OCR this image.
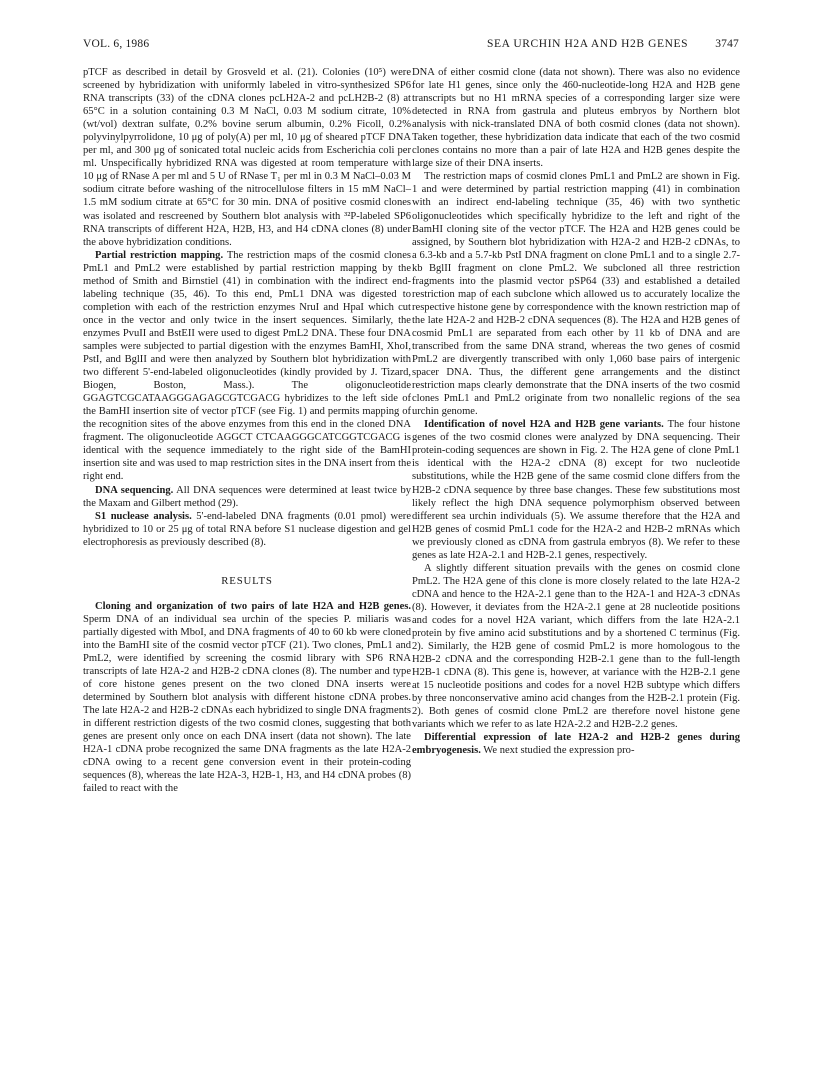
VOL. 6, 1986	SEA URCHIN H2A AND H2B GENES 3747

pTCF as described in detail by Grosveld et al. (21). Colonies (10⁵) were screened by hybridization with uniformly labeled in vitro-synthesized SP6 RNA transcripts (33) of the cDNA clones pcLH2A-2 and pcLH2B-2 (8) at 65°C in a solution containing 0.3 M NaCl, 0.03 M sodium citrate, 10% (wt/vol) dextran sulfate, 0.2% bovine serum albumin, 0.2% Ficoll, 0.2% polyvinylpyrrolidone, 10 μg of poly(A) per ml, 10 μg of sheared pTCF DNA per ml, and 300 μg of sonicated total nucleic acids from Escherichia coli per ml. Unspecifically hybridized RNA was digested at room temperature with 10 μg of RNase A per ml and 5 U of RNase T₁ per ml in 0.3 M NaCl–0.03 M sodium citrate before washing of the nitrocellulose filters in 15 mM NaCl–1.5 mM sodium citrate at 65°C for 30 min. DNA of positive cosmid clones was isolated and rescreened by Southern blot analysis with ³²P-labeled SP6 RNA transcripts of different H2A, H2B, H3, and H4 cDNA clones (8) under the above hybridization conditions.

Partial restriction mapping. The restriction maps of the cosmid clones PmL1 and PmL2 were established by partial restriction mapping by the method of Smith and Birnstiel (41) in combination with the indirect end-labeling technique (35, 46). To this end, PmL1 DNA was digested to completion with each of the restriction enzymes NruI and HpaI which cut once in the vector and only twice in the insert sequences. Similarly, the enzymes PvuII and BstEII were used to digest PmL2 DNA. These four DNA samples were subjected to partial digestion with the enzymes BamHI, XhoI, PstI, and BglII and were then analyzed by Southern blot hybridization with two different 5'-end-labeled oligonucleotides (kindly provided by J. Tizard, Biogen, Boston, Mass.). The oligonucleotide GGAGTCGCATAAGGGAGAGCGTCGACG hybridizes to the left side of the BamHI insertion site of vector pTCF (see Fig. 1) and permits mapping of the recognition sites of the above enzymes from this end in the cloned DNA fragment. The oligonucleotide AGGCT CTCAAGGGCATCGGTCGACG is identical with the sequence immediately to the right side of the BamHI insertion site and was used to map restriction sites in the DNA insert from the right end.

DNA sequencing. All DNA sequences were determined at least twice by the Maxam and Gilbert method (29).

S1 nuclease analysis. 5'-end-labeled DNA fragments (0.01 pmol) were hybridized to 10 or 25 μg of total RNA before S1 nuclease digestion and gel electrophoresis as previously described (8).

RESULTS

Cloning and organization of two pairs of late H2A and H2B genes. Sperm DNA of an individual sea urchin of the species P. miliaris was partially digested with MboI, and DNA fragments of 40 to 60 kb were cloned into the BamHI site of the cosmid vector pTCF (21). Two clones, PmL1 and PmL2, were identified by screening the cosmid library with SP6 RNA transcripts of late H2A-2 and H2B-2 cDNA clones (8). The number and type of core histone genes present on the two cloned DNA inserts were determined by Southern blot analysis with different histone cDNA probes. The late H2A-2 and H2B-2 cDNAs each hybridized to single DNA fragments in different restriction digests of the two cosmid clones, suggesting that both genes are present only once on each DNA insert (data not shown). The late H2A-1 cDNA probe recognized the same DNA fragments as the late H2A-2 cDNA owing to a recent gene conversion event in their protein-coding sequences (8), whereas the late H2A-3, H2B-1, H3, and H4 cDNA probes (8) failed to react with the

DNA of either cosmid clone (data not shown). There was also no evidence for late H1 genes, since only the 460-nucleotide-long H2A and H2B gene transcripts but no H1 mRNA species of a corresponding larger size were detected in RNA from gastrula and pluteus embryos by Northern blot analysis with nick-translated DNA of both cosmid clones (data not shown). Taken together, these hybridization data indicate that each of the two cosmid clones contains no more than a pair of late H2A and H2B genes despite the large size of their DNA inserts.

The restriction maps of cosmid clones PmL1 and PmL2 are shown in Fig. 1 and were determined by partial restriction mapping (41) in combination with an indirect end-labeling technique (35, 46) with two synthetic oligonucleotides which specifically hybridize to the left and right of the BamHI cloning site of the vector pTCF. The H2A and H2B genes could be assigned, by Southern blot hybridization with H2A-2 and H2B-2 cDNAs, to a 6.3-kb and a 5.7-kb PstI DNA fragment on clone PmL1 and to a single 2.7-kb BglII fragment on clone PmL2. We subcloned all three restriction fragments into the plasmid vector pSP64 (33) and established a detailed restriction map of each subclone which allowed us to accurately localize the respective histone gene by correspondence with the known restriction map of the late H2A-2 and H2B-2 cDNA sequences (8). The H2A and H2B genes of cosmid PmL1 are separated from each other by 11 kb of DNA and are transcribed from the same DNA strand, whereas the two genes of cosmid PmL2 are divergently transcribed with only 1,060 base pairs of intergenic spacer DNA. Thus, the different gene arrangements and the distinct restriction maps clearly demonstrate that the DNA inserts of the two cosmid clones PmL1 and PmL2 originate from two nonallelic regions of the sea urchin genome.

Identification of novel H2A and H2B gene variants. The four histone genes of the two cosmid clones were analyzed by DNA sequencing. Their protein-coding sequences are shown in Fig. 2. The H2A gene of clone PmL1 is identical with the H2A-2 cDNA (8) except for two nucleotide substitutions, while the H2B gene of the same cosmid clone differs from the H2B-2 cDNA sequence by three base changes. These few substitutions most likely reflect the high DNA sequence polymorphism observed between different sea urchin individuals (5). We assume therefore that the H2A and H2B genes of cosmid PmL1 code for the H2A-2 and H2B-2 mRNAs which we previously cloned as cDNA from gastrula embryos (8). We refer to these genes as late H2A-2.1 and H2B-2.1 genes, respectively.

A slightly different situation prevails with the genes on cosmid clone PmL2. The H2A gene of this clone is more closely related to the late H2A-2 cDNA and hence to the H2A-2.1 gene than to the H2A-1 and H2A-3 cDNAs (8). However, it deviates from the H2A-2.1 gene at 28 nucleotide positions and codes for a novel H2A variant, which differs from the late H2A-2.1 protein by five amino acid substitutions and by a shortened C terminus (Fig. 2). Similarly, the H2B gene of cosmid PmL2 is more homologous to the H2B-2 cDNA and the corresponding H2B-2.1 gene than to the full-length H2B-1 cDNA (8). This gene is, however, at variance with the H2B-2.1 gene at 15 nucleotide positions and codes for a novel H2B subtype which differs by three nonconservative amino acid changes from the H2B-2.1 protein (Fig. 2). Both genes of cosmid clone PmL2 are therefore novel histone gene variants which we refer to as late H2A-2.2 and H2B-2.2 genes.

Differential expression of late H2A-2 and H2B-2 genes during embryogenesis. We next studied the expression pro-
